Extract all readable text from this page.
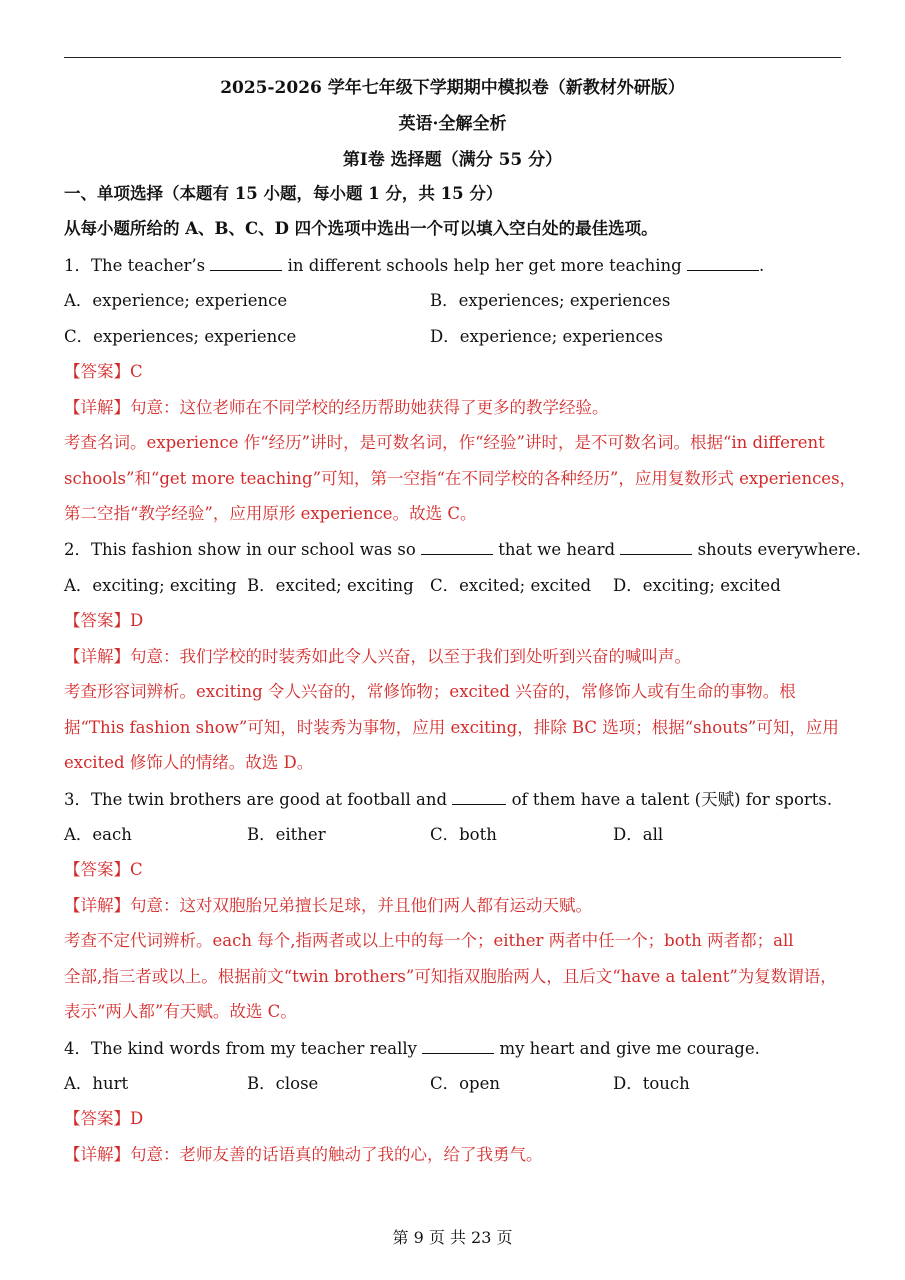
2025-2026 学年七年级下学期期中模拟卷（新教材外研版）
英语·全解全析
第Ⅰ卷 选择题（满分 55 分）
一、单项选择（本题有 15 小题，每小题 1 分，共 15 分）
从每小题所给的 A、B、C、D 四个选项中选出一个可以填入空白处的最佳选项。
1．The teacher’s	in different schools help her get more teaching	.
A．experience; experience	B．experiences; experiences
C．experiences; experience	D．experience; experiences
【答案】C
【详解】句意：这位老师在不同学校的经历帮助她获得了更多的教学经验。
考查名词。experience 作“经历”讲时，是可数名词，作“经验”讲时，是不可数名词。根据“in different
schools”和“get more teaching”可知，第一空指“在不同学校的各种经历”，应用复数形式 experiences，
第二空指“教学经验”，应用原形 experience。故选 C。
2．This fashion show in our school was so	that we heard	shouts everywhere.
A．exciting; exciting B．excited; exciting C．excited; excited D．exciting; excited
【答案】D
【详解】句意：我们学校的时装秀如此令人兴奋，以至于我们到处听到兴奋的喊叫声。
考查形容词辨析。exciting 令人兴奋的，常修饰物；excited 兴奋的，常修饰人或有生命的事物。根
据“This fashion show”可知，时装秀为事物，应用 exciting，排除 BC 选项；根据“shouts”可知，应用
excited 修饰人的情绪。故选 D。
3．The twin brothers are good at football and	of them have a talent (天赋) for sports.
A．each	B．either	C．both	D．all
【答案】C
【详解】句意：这对双胞胎兄弟擅长足球，并且他们两人都有运动天赋。
考查不定代词辨析。each 每个,指两者或以上中的每一个；either 两者中任一个；both 两者都；all
全部,指三者或以上。根据前文“twin brothers”可知指双胞胎两人，且后文“have a talent”为复数谓语，
表示“两人都”有天赋。故选 C。
4．The kind words from my teacher really	my heart and give me courage.
A．hurt	B．close	C．open	D．touch
【答案】D
【详解】句意：老师友善的话语真的触动了我的心，给了我勇气。
第 9 页 共 23 页
